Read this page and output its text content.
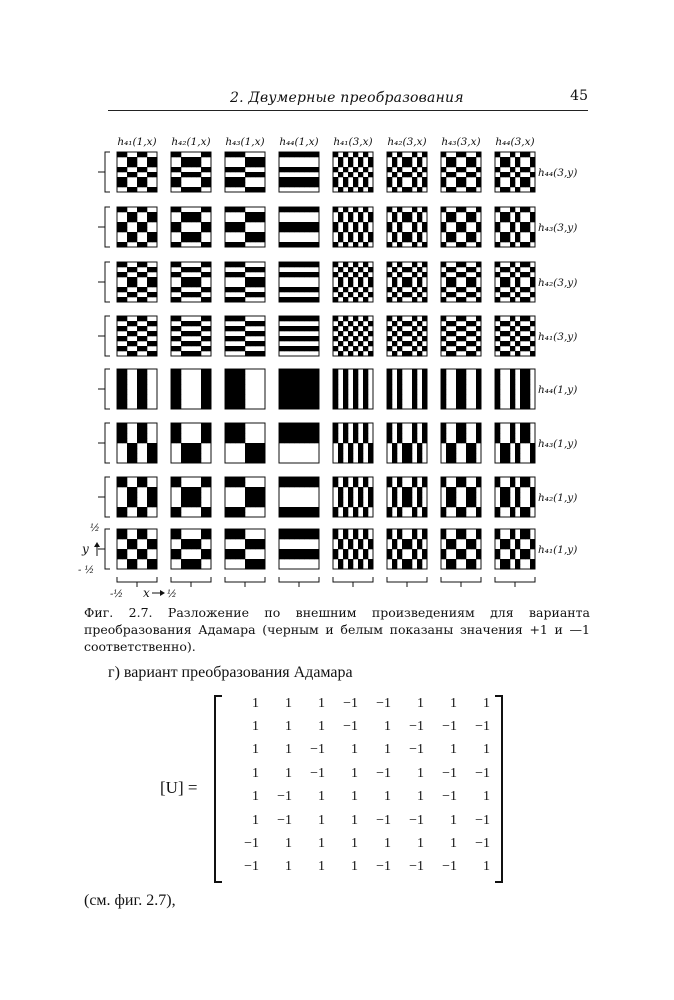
2. Двумерные преобразования	45
h₄₁(1,x) h₄₂(1,x) h₄₃(1,x) h₄₄(1,x) h₄₁(3,x) h₄₂(3,x) h₄₃(3,x) h₄₄(3,x)
h₄₄(3,y)
h₄₃(3,y)
h₄₂(3,y)
h₄₁(3,y)
h₄₄(1,y)
h₄₃(1,y)
h₄₂(1,y)
h₄₁(1,y)
½
y
- ½
-½ x ½
Фиг. 2.7. Разложение по внешним произведениям для варианта преобразования Адамара (черным и белым показаны значения +1 и —1 соответственно).
г) вариант преобразования Адамара
[U] =
1	1	1	−1	−1	1	1	1
1	1	1	−1	1	−1	−1	−1
1	1	−1	1	1	−1	1	1
1	1	−1	1	−1	1	−1	−1
1	−1	1	1	1	1	−1	1
1	−1	1	1	−1	−1	1	−1
−1	1	1	1	1	1	1	−1
−1	1	1	1	−1	−1	−1	1
(см. фиг. 2.7),
